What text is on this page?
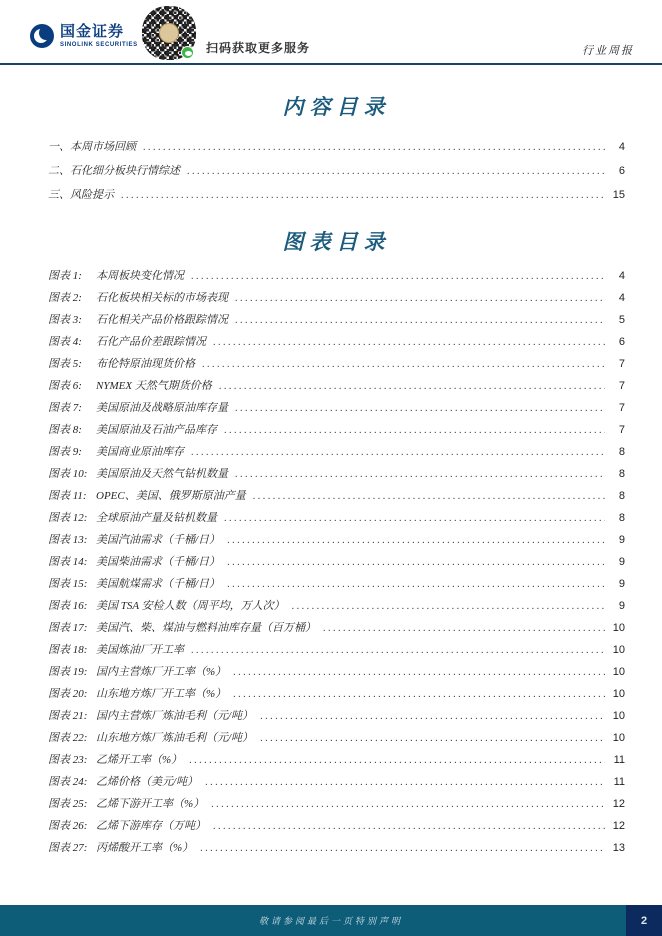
国金证券
SINOLINK SECURITIES	扫码获取更多服务	行业周报
内容目录
一、本周市场回顾 .....	4
二、石化细分板块行情综述 .....	6
三、风险提示 .....	15
图表目录
图表 1:	本周板块变化情况 .....	4
图表 2:	石化板块相关标的市场表现 .....	4
图表 3:	石化相关产品价格跟踪情况 .....	5
图表 4:	石化产品价差跟踪情况 .....	6
图表 5:	布伦特原油现货价格 .....	7
图表 6:	NYMEX 天然气期货价格 .....	7
图表 7:	美国原油及战略原油库存量 .....	7
图表 8:	美国原油及石油产品库存 .....	7
图表 9:	美国商业原油库存 .....	8
图表 10: 美国原油及天然气钻机数量 .....	8
图表 11: OPEC、美国、俄罗斯原油产量 .....	8
图表 12: 全球原油产量及钻机数量 .....	8
图表 13: 美国汽油需求（千桶/日） .....	9
图表 14: 美国柴油需求（千桶/日） .....	9
图表 15: 美国航煤需求（千桶/日） .....	9
图表 16: 美国 TSA 安检人数（周平均，万人次） .....	9
图表 17: 美国汽、柴、煤油与燃料油库存量（百万桶） .....	10
图表 18: 美国炼油厂开工率 .....	10
图表 19: 国内主营炼厂开工率（%） .....	10
图表 20: 山东地方炼厂开工率（%） .....	10
图表 21: 国内主营炼厂炼油毛利（元/吨） .....	10
图表 22: 山东地方炼厂炼油毛利（元/吨） .....	10
图表 23: 乙烯开工率（%） .....	11
图表 24: 乙烯价格（美元/吨） .....	11
图表 25: 乙烯下游开工率（%） .....	12
图表 26: 乙烯下游库存（万吨） .....	12
图表 27: 丙烯酸开工率（%） .....	13
敬请参阅最后一页特别声明	2
